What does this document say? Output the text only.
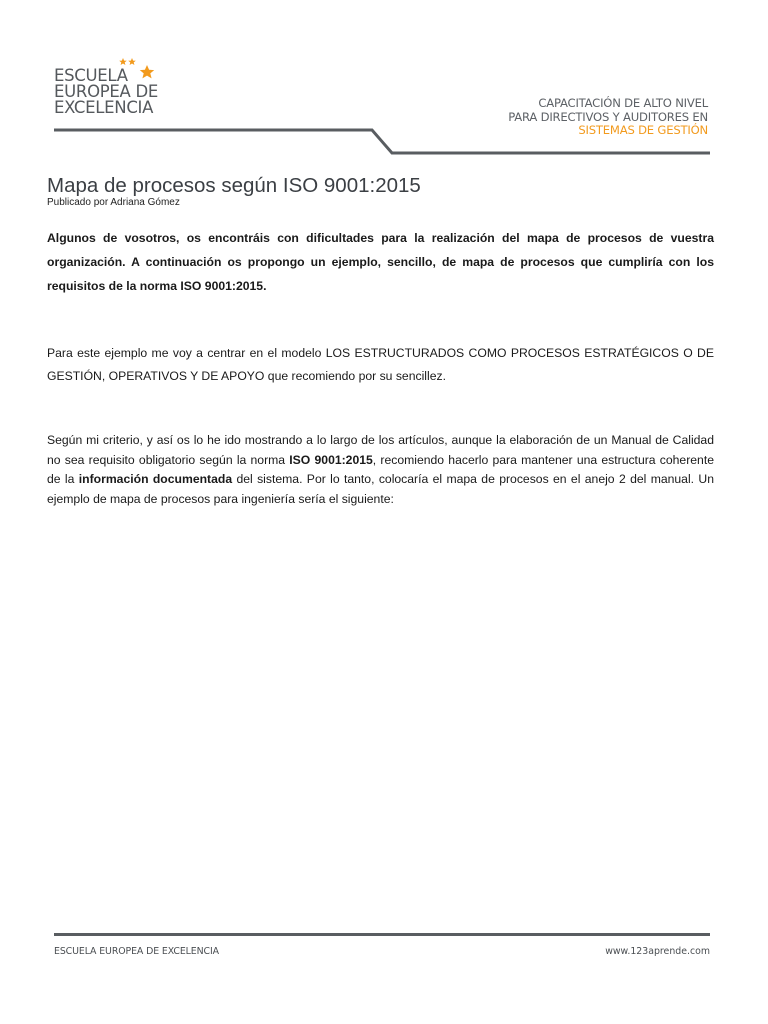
ESCUELA
EUROPEA DE
EXCELENCIA	CAPACITACIÓN DE ALTO NIVEL
PARA DIRECTIVOS Y AUDITORES EN
SISTEMAS DE GESTIÓN
Mapa de procesos según ISO 9001:2015
Publicado por Adriana Gómez

Algunos de vosotros, os encontráis con dificultades para la realización del mapa de procesos de vuestra organización. A continuación os propongo un ejemplo, sencillo, de mapa de procesos que cumpliría con los requisitos de la norma ISO 9001:2015.

Para este ejemplo me voy a centrar en el modelo LOS ESTRUCTURADOS COMO PROCESOS ESTRATÉGICOS O DE GESTIÓN, OPERATIVOS Y DE APOYO que recomiendo por su sencillez.

Según mi criterio, y así os lo he ido mostrando a lo largo de los artículos, aunque la elaboración de un Manual de Calidad no sea requisito obligatorio según la norma ISO 9001:2015, recomiendo hacerlo para mantener una estructura coherente de la información documentada del sistema. Por lo tanto, colocaría el mapa de procesos en el anejo 2 del manual. Un ejemplo de mapa de procesos para ingeniería sería el siguiente:

ESCUELA EUROPEA DE EXCELENCIA	www.123aprende.com
